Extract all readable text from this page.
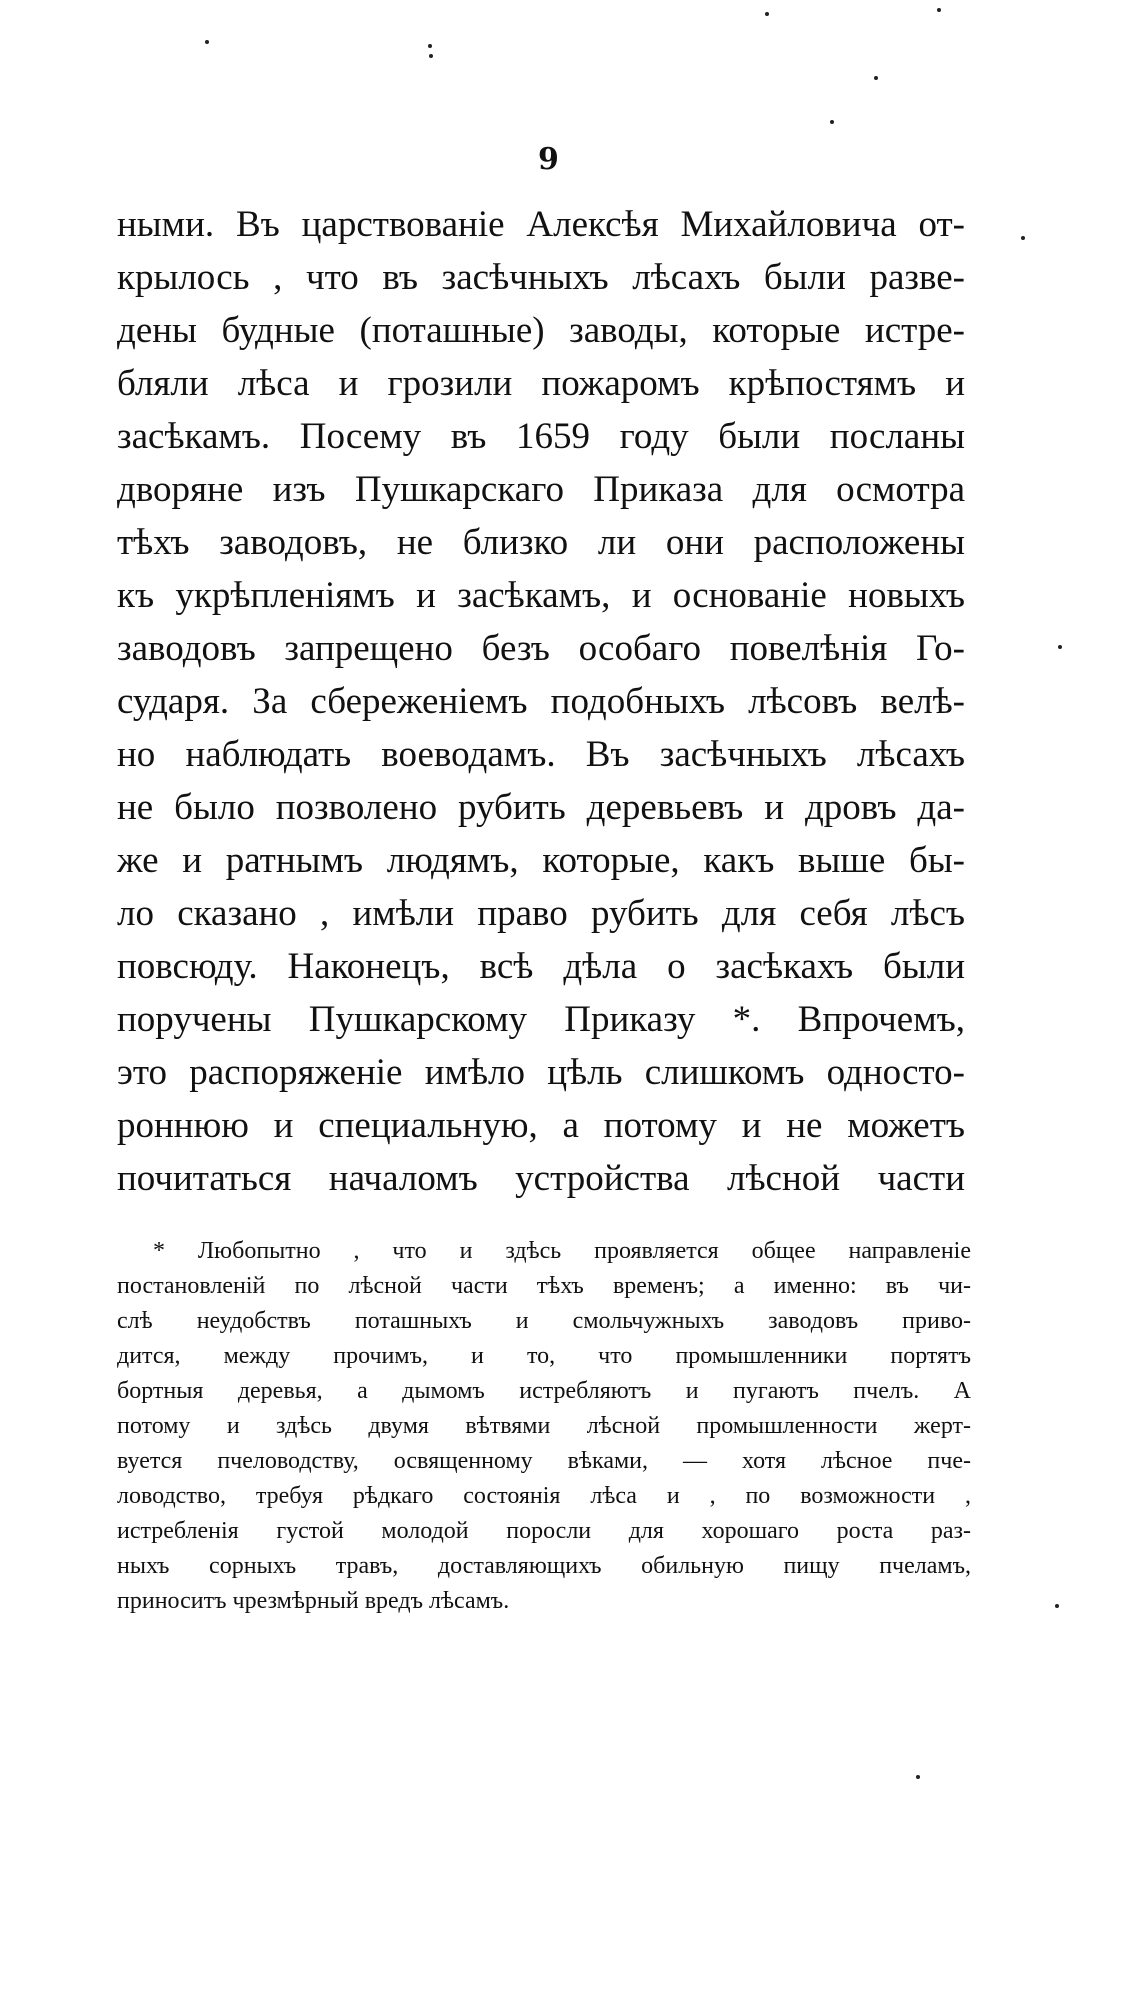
9
ными. Въ царствованіе Алексѣя Михайловича от-
крылось , что въ засѣчныхъ лѣсахъ были разве-
дены будные (поташные) заводы, которые истре-
бляли лѣса и грозили пожаромъ крѣпостямъ и
засѣкамъ. Посему въ 1659 году были посланы
дворяне изъ Пушкарскаго Приказа для осмотра
тѣхъ заводовъ, не близко ли они расположены
къ укрѣпленіямъ и засѣкамъ, и основаніе новыхъ
заводовъ запрещено безъ особаго повелѣнія Го-
сударя. За сбереженіемъ подобныхъ лѣсовъ велѣ-
но наблюдать воеводамъ. Въ засѣчныхъ лѣсахъ
не было позволено рубить деревьевъ и дровъ да-
же и ратнымъ людямъ, которые, какъ выше бы-
ло сказано , имѣли право рубить для себя лѣсъ
повсюду. Наконецъ, всѣ дѣла о засѣкахъ были
поручены Пушкарскому Приказу *. Впрочемъ,
это распоряженіе имѣло цѣль слишкомъ односто-
роннюю и специальную, а потому и не можетъ
почитаться началомъ устройства лѣсной части
* Любопытно , что и здѣсь проявляется общее направленіе
постановленій по лѣсной части тѣхъ временъ; а именно: въ чи-
слѣ неудобствъ поташныхъ и смольчужныхъ заводовъ приво-
дится, между прочимъ, и то, что промышленники портятъ
бортныя деревья, а дымомъ истребляютъ и пугаютъ пчелъ. А
потому и здѣсь двумя вѣтвями лѣсной промышленности жерт-
вуется пчеловодству, освященному вѣками, — хотя лѣсное пче-
ловодство, требуя рѣдкаго состоянія лѣса и , по возможности ,
истребленія густой молодой поросли для хорошаго роста раз-
ныхъ сорныхъ травъ, доставляющихъ обильную пищу пчеламъ,
приноситъ чрезмѣрный вредъ лѣсамъ.
